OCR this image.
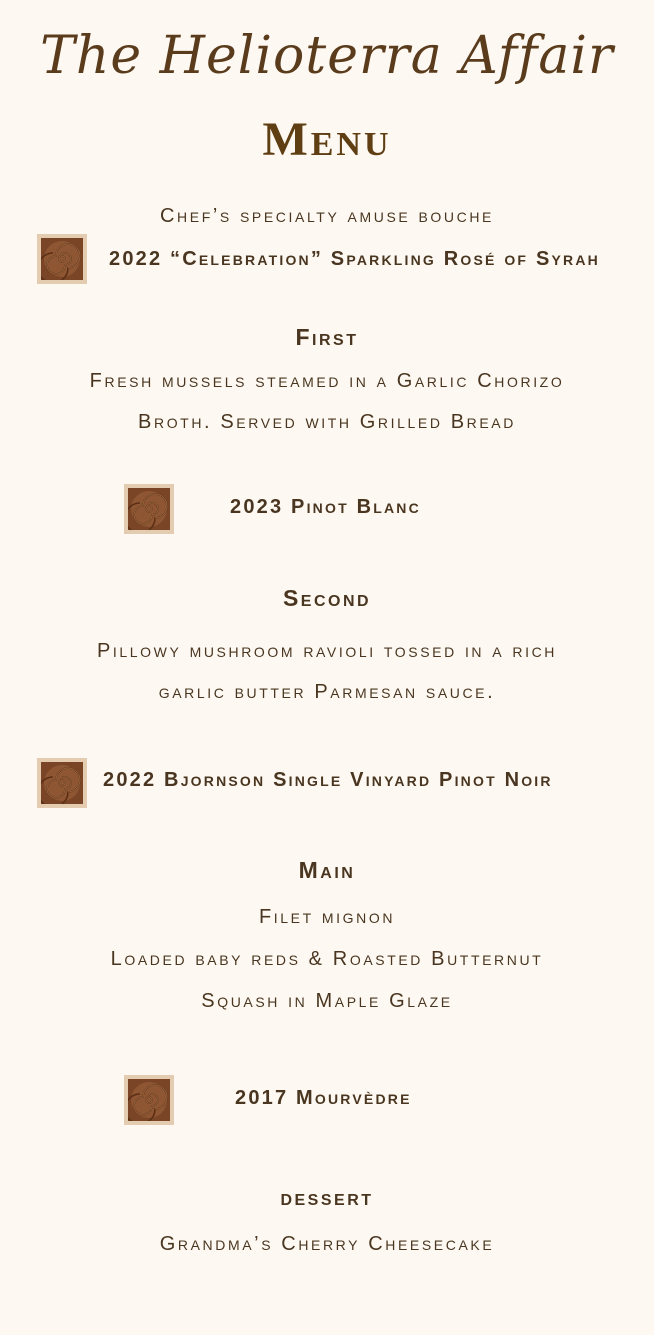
The Helioterra Affair
Menu
Chef’s specialty amuse bouche
2022 “Celebration” Sparkling Rosé of Syrah
First
Fresh mussels steamed in a Garlic Chorizo
Broth. Served with Grilled Bread
2023 Pinot Blanc
Second
Pillowy mushroom ravioli tossed in a rich
garlic butter Parmesan sauce.
2022 Bjornson Single Vinyard Pinot Noir
Main
Filet mignon
Loaded baby reds & Roasted Butternut
Squash in Maple Glaze
2017 Mourvèdre
dessert
Grandma’s Cherry Cheesecake
